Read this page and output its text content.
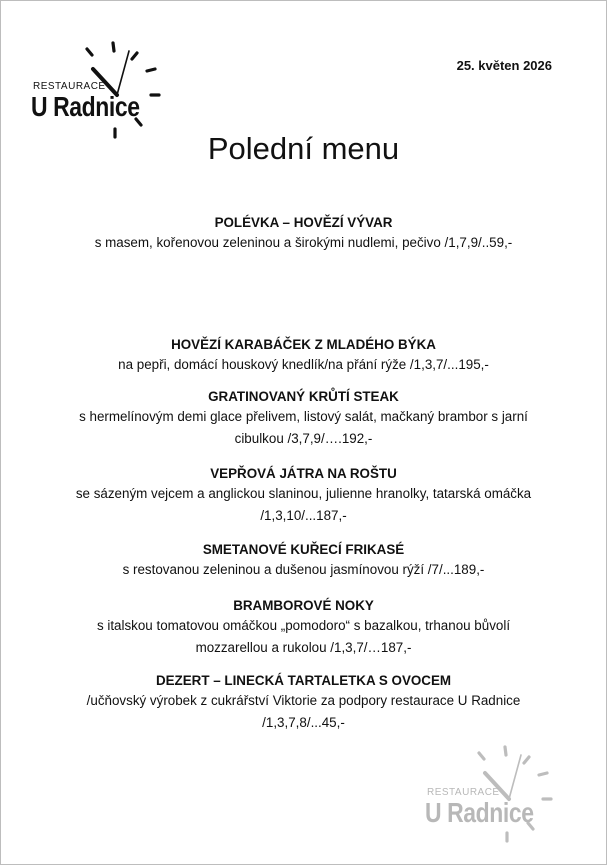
RESTAURACE
U Radnice
25. květen 2026
Polední menu
POLÉVKA – HOVĚZÍ VÝVAR
s masem, kořenovou zeleninou a širokými nudlemi, pečivo /1,7,9/..59,-
HOVĚZÍ KARABÁČEK Z MLADÉHO BÝKA
na pepři, domácí houskový knedlík/na přání rýže /1,3,7/...195,-
GRATINOVANÝ KRŮTÍ STEAK
s hermelínovým demi glace přelivem, listový salát, mačkaný brambor s jarní cibulkou /3,7,9/….192,-
VEPŘOVÁ JÁTRA NA ROŠTU
se sázeným vejcem a anglickou slaninou, julienne hranolky, tatarská omáčka /1,3,10/...187,-
SMETANOVÉ KUŘECÍ FRIKASÉ
s restovanou zeleninou a dušenou jasmínovou rýží /7/...189,-
BRAMBOROVÉ NOKY
s italskou tomatovou omáčkou „pomodoro“ s bazalkou, trhanou bůvolí mozzarellou a rukolou /1,3,7/…187,-
DEZERT – LINECKÁ TARTALETKA S OVOCEM
/učňovský výrobek z cukrářství Viktorie za podpory restaurace U Radnice /1,3,7,8/...45,-
RESTAURACE
U Radnice
